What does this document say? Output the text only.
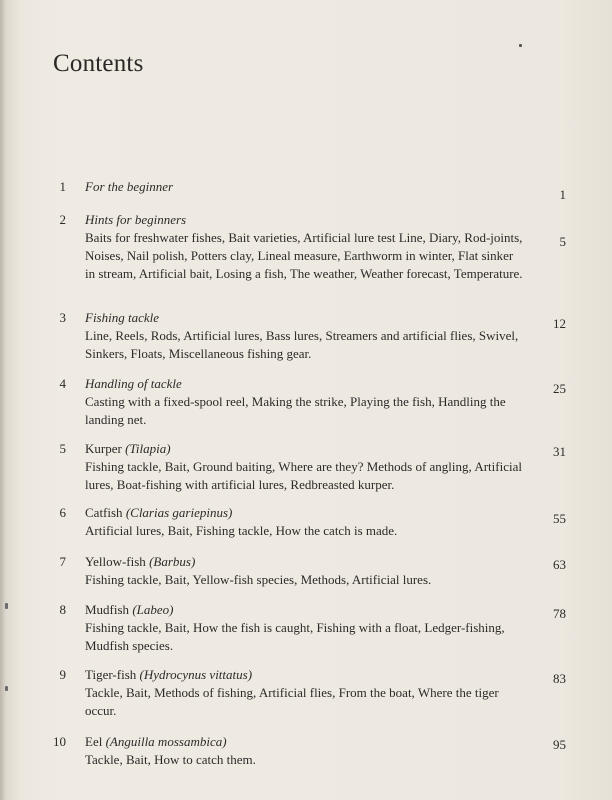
Contents
1 For the beginner
1
2 Hints for beginners
Baits for freshwater fishes, Bait varieties, Artificial lure test Line, Diary, Rod-joints, Noises, Nail polish, Potters clay, Lineal measure, Earthworm in winter, Flat sinker in stream, Artificial bait, Losing a fish, The weather, Weather forecast, Temperature.
5
3 Fishing tackle
Line, Reels, Rods, Artificial lures, Bass lures, Streamers and artificial flies, Swivel, Sinkers, Floats, Miscellaneous fishing gear.
12
4 Handling of tackle
Casting with a fixed-spool reel, Making the strike, Playing the fish, Handling the landing net.
25
5 Kurper (Tilapia)
Fishing tackle, Bait, Ground baiting, Where are they? Methods of angling, Artificial lures, Boat-fishing with artificial lures, Redbreasted kurper.
31
6 Catfish (Clarias gariepinus)
Artificial lures, Bait, Fishing tackle, How the catch is made.
55
7 Yellow-fish (Barbus)
Fishing tackle, Bait, Yellow-fish species, Methods, Artificial lures.
63
8 Mudfish (Labeo)
Fishing tackle, Bait, How the fish is caught, Fishing with a float, Ledger-fishing, Mudfish species.
78
9 Tiger-fish (Hydrocynus vittatus)
Tackle, Bait, Methods of fishing, Artificial flies, From the boat, Where the tiger occur.
83
10 Eel (Anguilla mossambica)
Tackle, Bait, How to catch them.
95
